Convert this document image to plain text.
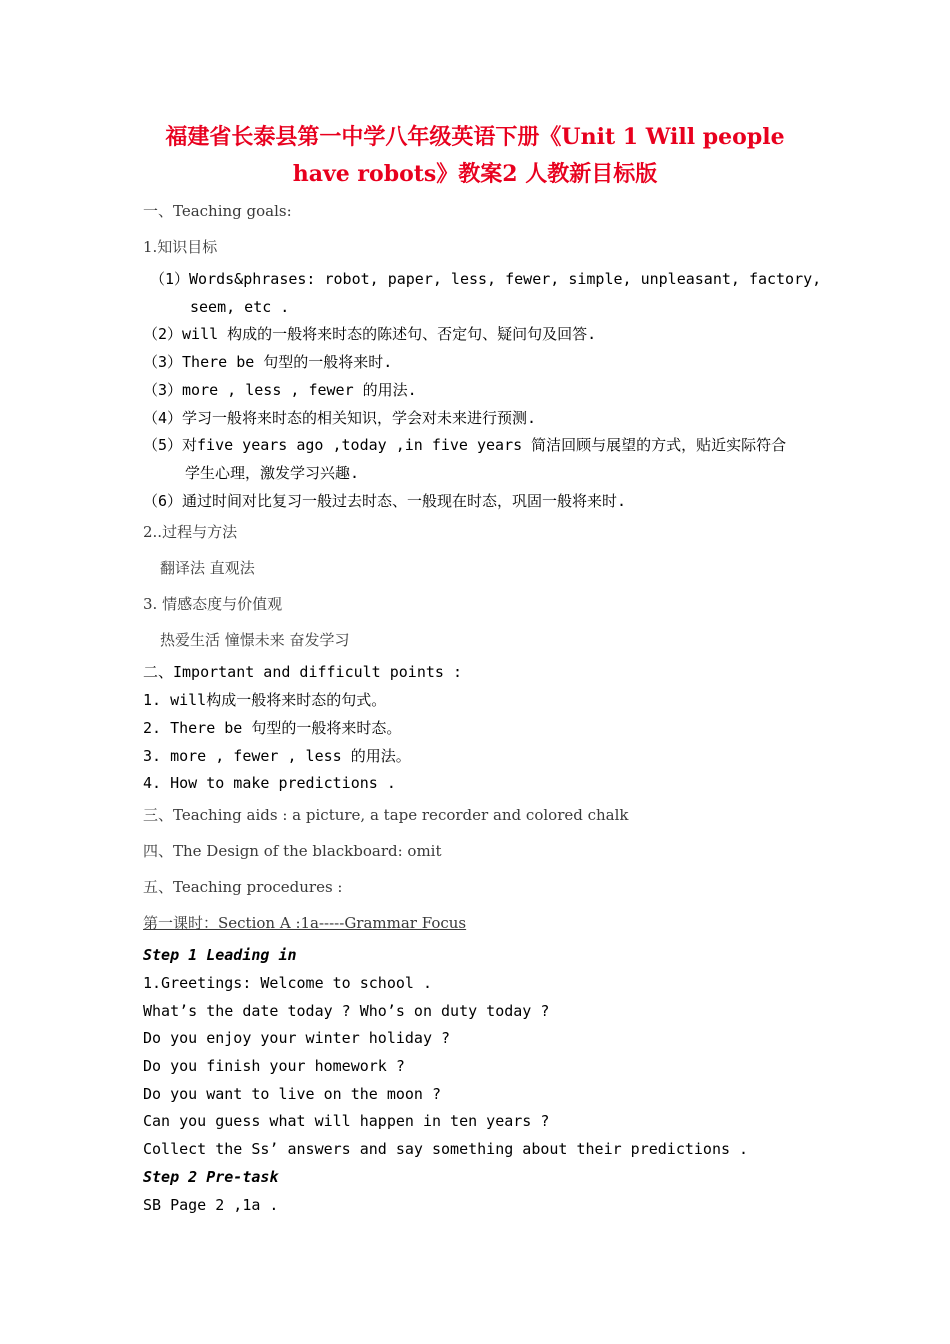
福建省长泰县第一中学八年级英语下册《Unit 1 Will people
have robots》教案2 人教新目标版
一、Teaching goals:
1.知识目标
（1）Words&phrases: robot, paper, less, fewer, simple, unpleasant, factory,
seem, etc .
（2）will 构成的一般将来时态的陈述句、否定句、疑问句及回答.
（3）There be 句型的一般将来时.
（3）more , less , fewer 的用法.
（4）学习一般将来时态的相关知识，学会对未来进行预测.
（5）对five years ago ,today ,in five years 简洁回顾与展望的方式，贴近实际符合
学生心理，激发学习兴趣.
（6）通过时间对比复习一般过去时态、一般现在时态，巩固一般将来时.
2..过程与方法
翻译法 直观法
3. 情感态度与价值观
热爱生活 憧憬未来 奋发学习
二、Important and difficult points :
1. will构成一般将来时态的句式。
2. There be 句型的一般将来时态。
3. more , fewer , less 的用法。
4. How to make predictions .
三、Teaching aids : a picture, a tape recorder and colored chalk
四、The Design of the blackboard: omit
五、Teaching procedures :
第一课时：Section A :1a-----Grammar Focus
Step 1 Leading in
1.Greetings: Welcome to school .
What’s the date today ? Who’s on duty today ?
Do you enjoy your winter holiday ?
Do you finish your homework ?
Do you want to live on the moon ?
Can you guess what will happen in ten years ?
Collect the Ss’ answers and say something about their predictions .
Step 2 Pre-task
SB Page 2 ,1a .
